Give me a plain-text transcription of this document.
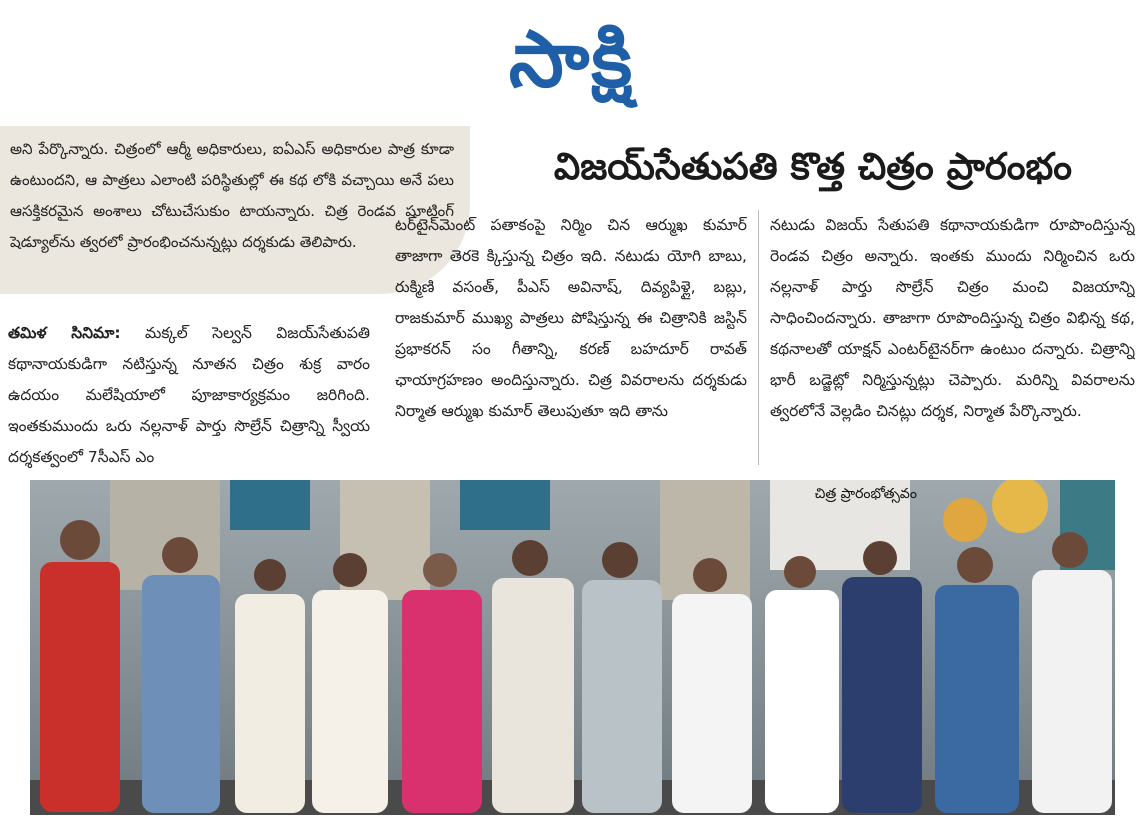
సాక్షి
అని పేర్కొన్నారు. చిత్రంలో ఆర్మీ అధికారులు, ఐఏఎస్ అధికారుల పాత్ర కూడా ఉంటుందని, ఆ పాత్రలు ఎలాంటి పరిస్థితుల్లో ఈ కథ లోకి వచ్చాయి అనే పలు ఆసక్తికరమైన అంశాలు చోటుచేసుకుం టాయన్నారు. చిత్ర రెండవ షూటింగ్ షెడ్యూల్‌ను త్వరలో ప్రారంభించనున్నట్లు దర్శకుడు తెలిపారు.
విజయ్‌సేతుపతి కొత్త చిత్రం ప్రారంభం
తమిళ సినిమా: మక్కల్ సెల్వన్ విజయ్‌సేతుపతి కథానాయకుడిగా నటిస్తున్న నూతన చిత్రం శుక్ర వారం ఉదయం మలేషియాలో పూజాకార్యక్రమం జరిగింది. ఇంతకుముందు ఒరు నల్లనాళ్ పార్తు సొల్రేన్ చిత్రాన్ని స్వీయ దర్శకత్వంలో 7సీఎస్ ఎం
టర్‌టైన్‌మెంట్ పతాకంపై నిర్మిం చిన ఆర్ముఖ కుమార్ తాజాగా తెరకె క్కిస్తున్న చిత్రం ఇది. నటుడు యోగి బాబు, రుక్మిణి వసంత్, పీఎస్ అవినాష్, దివ్యపిళ్లై, బబ్లు, రాజకుమార్ ముఖ్య పాత్రలు పోషిస్తున్న ఈ చిత్రానికి జస్టిన్ ప్రభాకరన్ సం గీతాన్ని, కరణ్ బహదూర్ రావత్ ఛాయాగ్రహణం అందిస్తున్నారు. చిత్ర వివరాలను దర్శకుడు నిర్మాత ఆర్ముఖ కుమార్ తెలుపుతూ ఇది తాను
నటుడు విజయ్ సేతుపతి కథానాయకుడిగా రూపొందిస్తున్న రెండవ చిత్రం అన్నారు. ఇంతకు ముందు నిర్మించిన ఒరు నల్లనాళ్ పార్తు సొల్రేన్ చిత్రం మంచి విజయాన్ని సాధించిందన్నారు. తాజాగా రూపొందిస్తున్న చిత్రం విభిన్న కథ, కథనాలతో యాక్షన్ ఎంటర్‌టైనర్‌గా ఉంటుం దన్నారు. చిత్రాన్ని భారీ బడ్జెట్లో నిర్మిస్తున్నట్లు చెప్పారు. మరిన్ని వివరాలను త్వరలోనే వెల్లడిం చినట్లు దర్శక, నిర్మాత పేర్కొన్నారు.
చిత్ర ప్రారంభోత్సవం
